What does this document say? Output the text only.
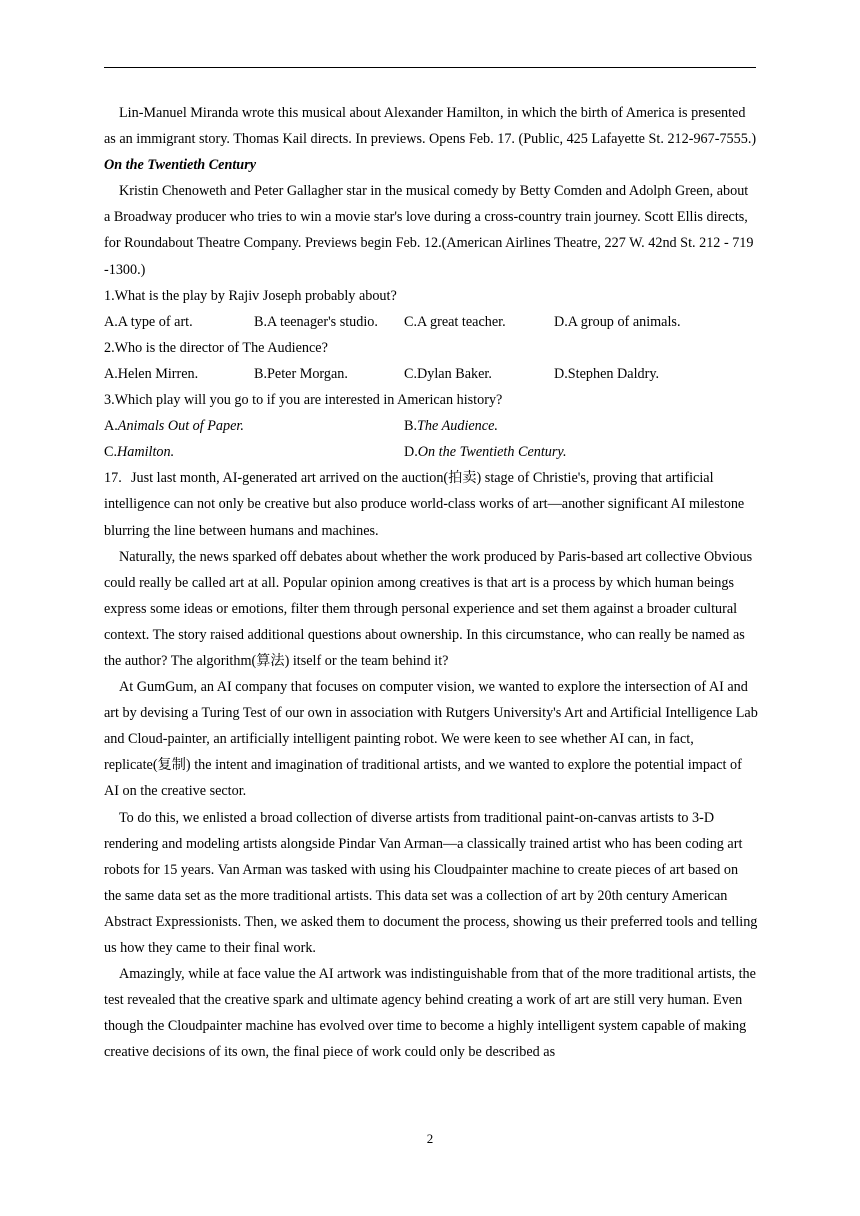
Lin-Manuel Miranda wrote this musical about Alexander Hamilton, in which the birth of America is presented as an immigrant story. Thomas Kail directs. In previews. Opens Feb. 17. (Public, 425 Lafayette St. 212-967-7555.)

On the Twentieth Century

Kristin Chenoweth and Peter Gallagher star in the musical comedy by Betty Comden and Adolph Green, about a Broadway producer who tries to win a movie star's love during a cross-country train journey. Scott Ellis directs, for Roundabout Theatre Company. Previews begin Feb. 12.(American Airlines Theatre, 227 W. 42nd St. 212 - 719 -1300.)

1.What is the play by Rajiv Joseph probably about?

A.A type of art.	B.A teenager's studio.	C.A great teacher.	D.A group of animals.

2.Who is the director of The Audience?

A.Helen Mirren.	B.Peter Morgan.	C.Dylan Baker.	D.Stephen Daldry.

3.Which play will you go to if you are interested in American history?

A.Animals Out of Paper.	B.The Audience.
C.Hamilton.	D.On the Twentieth Century.

17. Just last month, AI-generated art arrived on the auction(拍卖) stage of Christie's, proving that artificial intelligence can not only be creative but also produce world-class works of art—another significant AI milestone blurring the line between humans and machines.

Naturally, the news sparked off debates about whether the work produced by Paris-based art collective Obvious could really be called art at all. Popular opinion among creatives is that art is a process by which human beings express some ideas or emotions, filter them through personal experience and set them against a broader cultural context. The story raised additional questions about ownership. In this circumstance, who can really be named as the author? The algorithm(算法) itself or the team behind it?

At GumGum, an AI company that focuses on computer vision, we wanted to explore the intersection of AI and art by devising a Turing Test of our own in association with Rutgers University's Art and Artificial Intelligence Lab and Cloud-painter, an artificially intelligent painting robot. We were keen to see whether AI can, in fact, replicate(复制) the intent and imagination of traditional artists, and we wanted to explore the potential impact of AI on the creative sector.

To do this, we enlisted a broad collection of diverse artists from traditional paint-on-canvas artists to 3-D rendering and modeling artists alongside Pindar Van Arman—a classically trained artist who has been coding art robots for 15 years. Van Arman was tasked with using his Cloudpainter machine to create pieces of art based on the same data set as the more traditional artists. This data set was a collection of art by 20th century American Abstract Expressionists. Then, we asked them to document the process, showing us their preferred tools and telling us how they came to their final work.

Amazingly, while at face value the AI artwork was indistinguishable from that of the more traditional artists, the test revealed that the creative spark and ultimate agency behind creating a work of art are still very human. Even though the Cloudpainter machine has evolved over time to become a highly intelligent system capable of making creative decisions of its own, the final piece of work could only be described as

2
